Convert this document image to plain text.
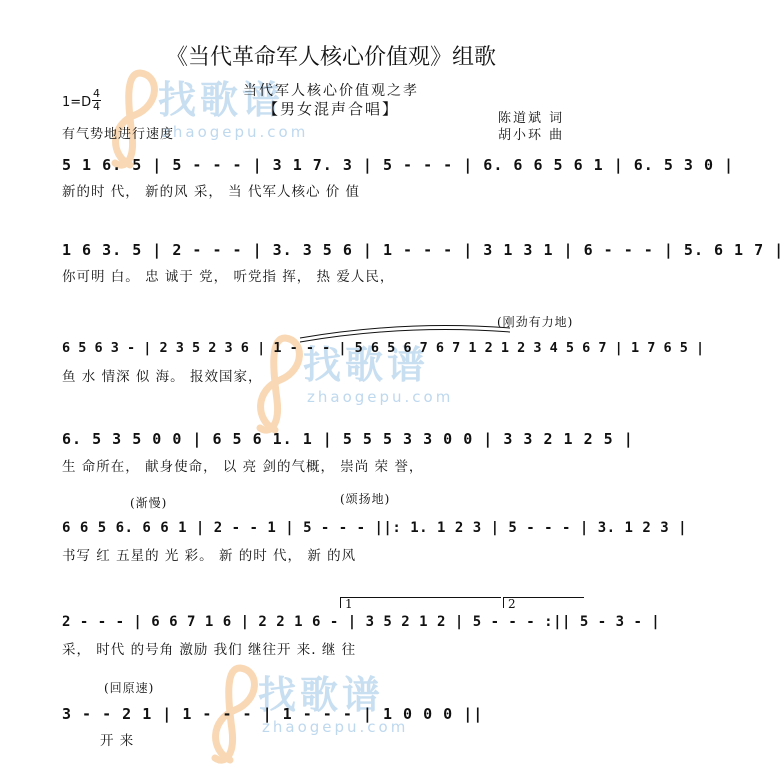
找歌谱
zhaogepu.com
找歌谱
zhaogepu.com
找歌谱
zhaogepu.com
《当代革命军人核心价值观》组歌
当代军人核心价值观之孝
【男女混声合唱】
1=D
4
4
陈道斌 词
胡小环 曲
有气势地进行速度
(刚劲有力地)
(渐慢)	(颂扬地)
(回原速)
1	2
5 1 6. 5 | 5 - - - | 3 1 7. 3 | 5 - - - | 6. 6 6 5 6 1 | 6. 5 3 0 |
新的时 代， 新的风 采， 当 代军人核心 价 值
1 6 3. 5 | 2 - - - | 3. 3 5 6 | 1 - - - | 3 1 3 1 | 6 - - - | 5. 6 1 7 |
你可明 白。 忠 诚于 党， 听党指 挥， 热 爱人民，
6 5 6 3 - | 2 3 5 2 3 6 | 1 - - - | 5 6 5 6 7 6 7 1 2 1 2 3 4 5 6 7 | 1 7 6 5 |
鱼 水 情深 似 海。 报效国家，
6. 5 3 5 0 0 | 6 5 6 1. 1 | 5 5 5 3 3 0 0 | 3 3 2 1 2 5 |
生 命所在， 献身使命， 以 亮 剑的气概， 崇尚 荣 誉，
6 6 5 6. 6 6 1 | 2 - - 1 | 5 - - - ||: 1. 1 2 3 | 5 - - - | 3. 1 2 3 |
书写 红 五星的 光 彩。 新 的时 代， 新 的风
2 - - - | 6 6 7 1 6 | 2 2 1 6 - | 3 5 2 1 2 | 5 - - - :|| 5 - 3 - |
采， 时代 的号角 激励 我们 继往开 来. 继 往
3 - - 2 1 | 1 - - - | 1 - - - | 1 0 0 0 ||
开 来
